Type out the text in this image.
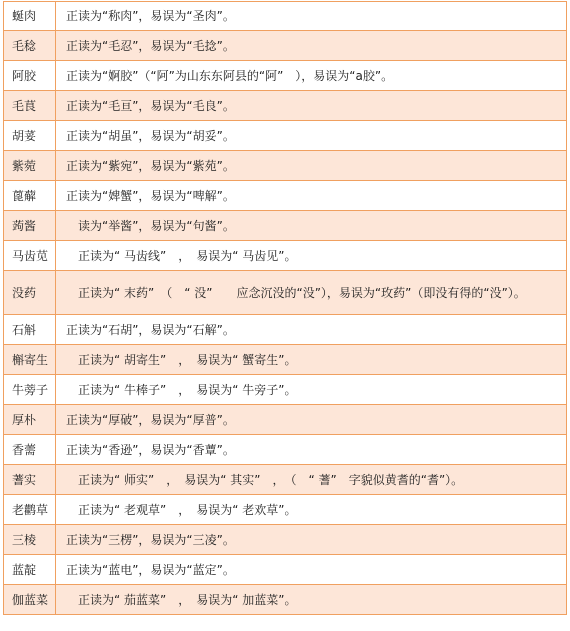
蜒肉	正读为“称肉”，易误为“圣肉”。
毛稔	正读为“毛忍”，易误为“毛捻”。
阿胶	正读为“婀胶”（“阿”为山东东阿县的“阿”　），易误为“a胶”。
毛茛	正读为“毛亘”，易误为“毛良”。
胡荽	正读为“胡虽”，易误为“胡妥”。
紫菀	正读为“紫宛”，易误为“紫苑”。
蓖薢	正读为“婢蟹”，易误为“啤解”。
蒟酱	　读为“举酱”，易误为“句酱”。
马齿苋	　正读为“ 马齿线”　，　易误为“ 马齿见”。
没药	　正读为“ 末药”　（　“ 没”　　应念沉没的“没”），易误为“玫药”（即没有得的“没”）。
石斛	正读为“石胡”，易误为“石解”。
槲寄生	　正读为“ 胡寄生”　，　易误为“ 蟹寄生”。
牛蒡子	　正读为“ 牛棒子”　，　易误为“ 牛旁子”。
厚朴	正读为“厚破”，易误为“厚普”。
香薷	正读为“香逊”，易误为“香蕈”。
蓍实	　正读为“ 师实”　，　易误为“ 其实”　，　（　“ 蓍”　字貌似黄耆的“耆”）。
老鹳草	　正读为“ 老观草”　，　易误为“ 老欢草”。
三棱	正读为“三楞”，易误为“三凌”。
蓝靛	正读为“蓝电”，易误为“蓝定”。
伽蓝菜	　正读为“ 茄蓝菜”　，　易误为“ 加蓝菜”。
